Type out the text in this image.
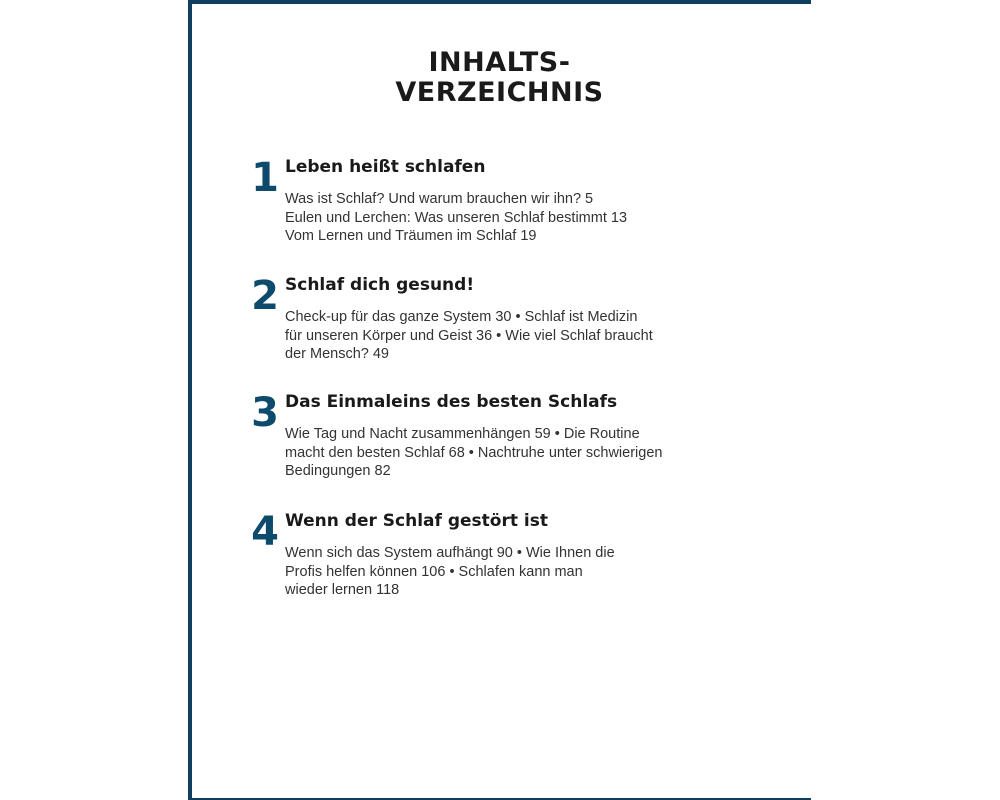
INHALTS-
VERZEICHNIS
1 Leben heißt schlafen
Was ist Schlaf? Und warum brauchen wir ihn? 5
Eulen und Lerchen: Was unseren Schlaf bestimmt 13
Vom Lernen und Träumen im Schlaf 19
2 Schlaf dich gesund!
Check-up für das ganze System 30 • Schlaf ist Medizin
für unseren Körper und Geist 36 • Wie viel Schlaf braucht
der Mensch? 49
3 Das Einmaleins des besten Schlafs
Wie Tag und Nacht zusammenhängen 59 • Die Routine
macht den besten Schlaf 68 • Nachtruhe unter schwierigen
Bedingungen 82
4 Wenn der Schlaf gestört ist
Wenn sich das System aufhängt 90 • Wie Ihnen die
Profis helfen können 106 • Schlafen kann man
wieder lernen 118
